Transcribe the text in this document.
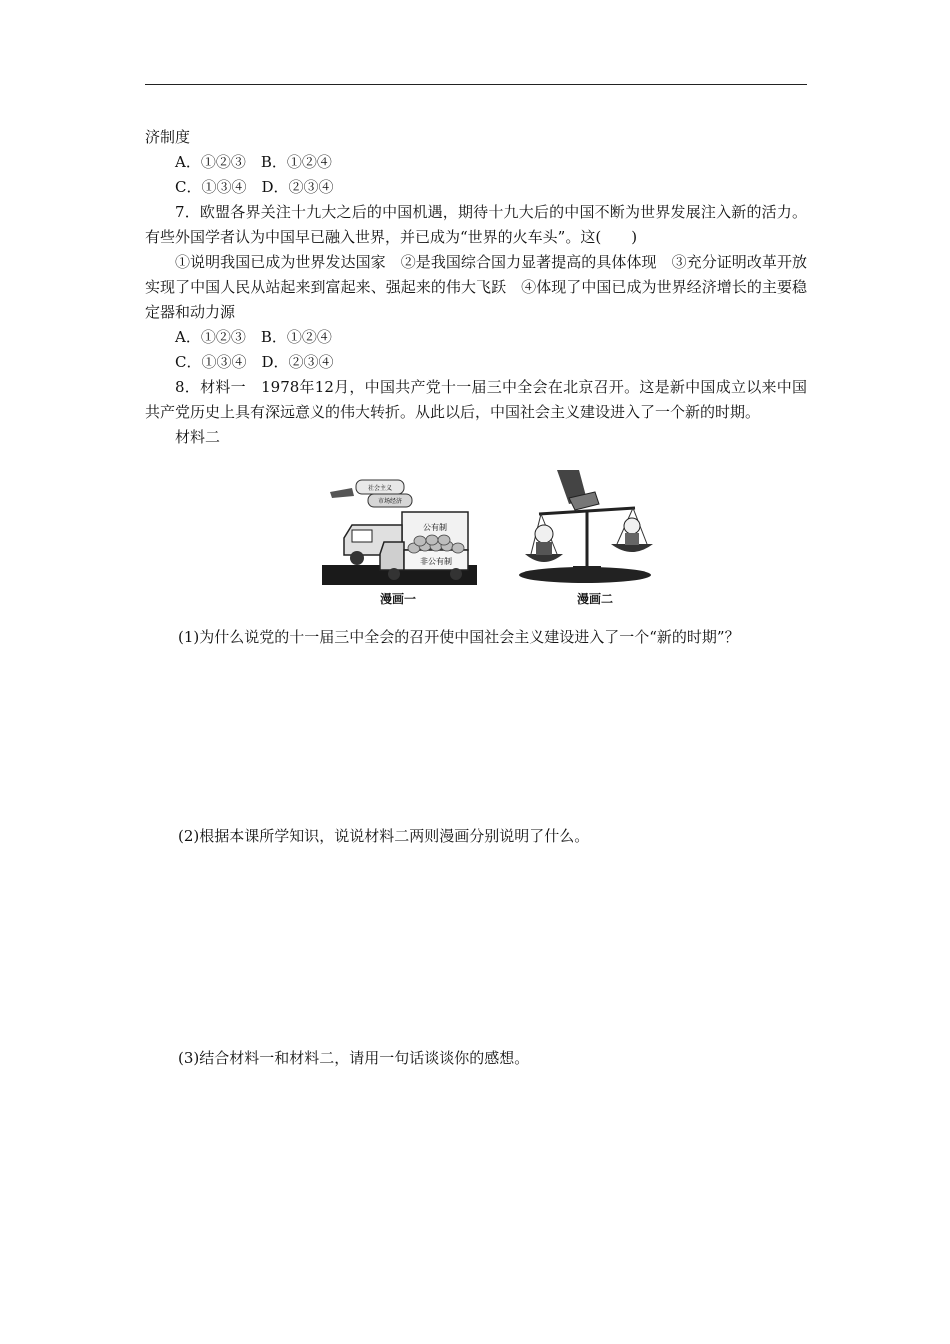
济制度
A．①②③　B．①②④
C．①③④　D．②③④
7．欧盟各界关注十九大之后的中国机遇，期待十九大后的中国不断为世界发展注入新的活力。有些外国学者认为中国早已融入世界，并已成为“世界的火车头”。这(　　)
①说明我国已成为世界发达国家　②是我国综合国力显著提高的具体体现　③充分证明改革开放实现了中国人民从站起来到富起来、强起来的伟大飞跃　④体现了中国已成为世界经济增长的主要稳定器和动力源
A．①②③　B．①②④
C．①③④　D．②③④
8．材料一　1978年12月，中国共产党十一届三中全会在北京召开。这是新中国成立以来中国共产党历史上具有深远意义的伟大转折。从此以后，中国社会主义建设进入了一个新的时期。
材料二
社会主义
市场经济
公有制
非公有制
漫画一	漫画二
(1)为什么说党的十一届三中全会的召开使中国社会主义建设进入了一个“新的时期”？
(2)根据本课所学知识，说说材料二两则漫画分别说明了什么。
(3)结合材料一和材料二，请用一句话谈谈你的感想。
